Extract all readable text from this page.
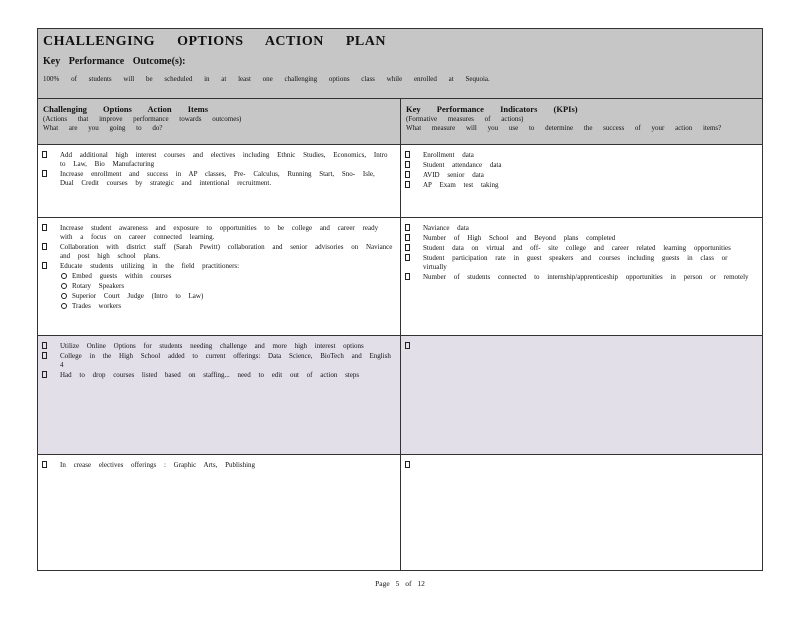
CHALLENGING OPTIONS ACTION PLAN
Key Performance Outcome(s):
100% of students will be scheduled in at least one challenging options class while enrolled at Sequoia.
Challenging Options Action Items
(Actions that improve performance towards outcomes)
What are you going to do?
Key Performance Indicators (KPIs)
(Formative measures of actions)
What measure will you use to determine the success of your action items?
Add additional high interest courses and electives including Ethnic Studies, Economics, Intro to Law, Bio Manufacturing
Increase enrollment and success in AP classes, Pre- Calculus, Running Start, Sno- Isle, Dual Credit courses by strategic and intentional recruitment.
Enrollment data
Student attendance data
AVID senior data
AP Exam test taking
Increase student awareness and exposure to opportunities to be college and career ready with a focus on career connected learning.
Collaboration with district staff (Sarah Pewitt) collaboration and senior advisories on Naviance and post high school plans.
Educate students utilizing in the field practitioners:
Embed guests within courses
Rotary Speakers
Superior Court Judge (Intro to Law)
Trades workers
Naviance data
Number of High School and Beyond plans completed
Student data on virtual and off- site college and career related learning opportunities
Student participation rate in guest speakers and courses including guests in class or virtually
Number of students connected to internship/apprenticeship opportunities in person or remotely
Utilize Online Options for students needing challenge and more high interest options
College in the High School added to current offerings: Data Science, BioTech and English 4
Had to drop courses listed based on staffing... need to edit out of action steps
In crease electives offerings : Graphic Arts, Publishing
Page 5 of 12
